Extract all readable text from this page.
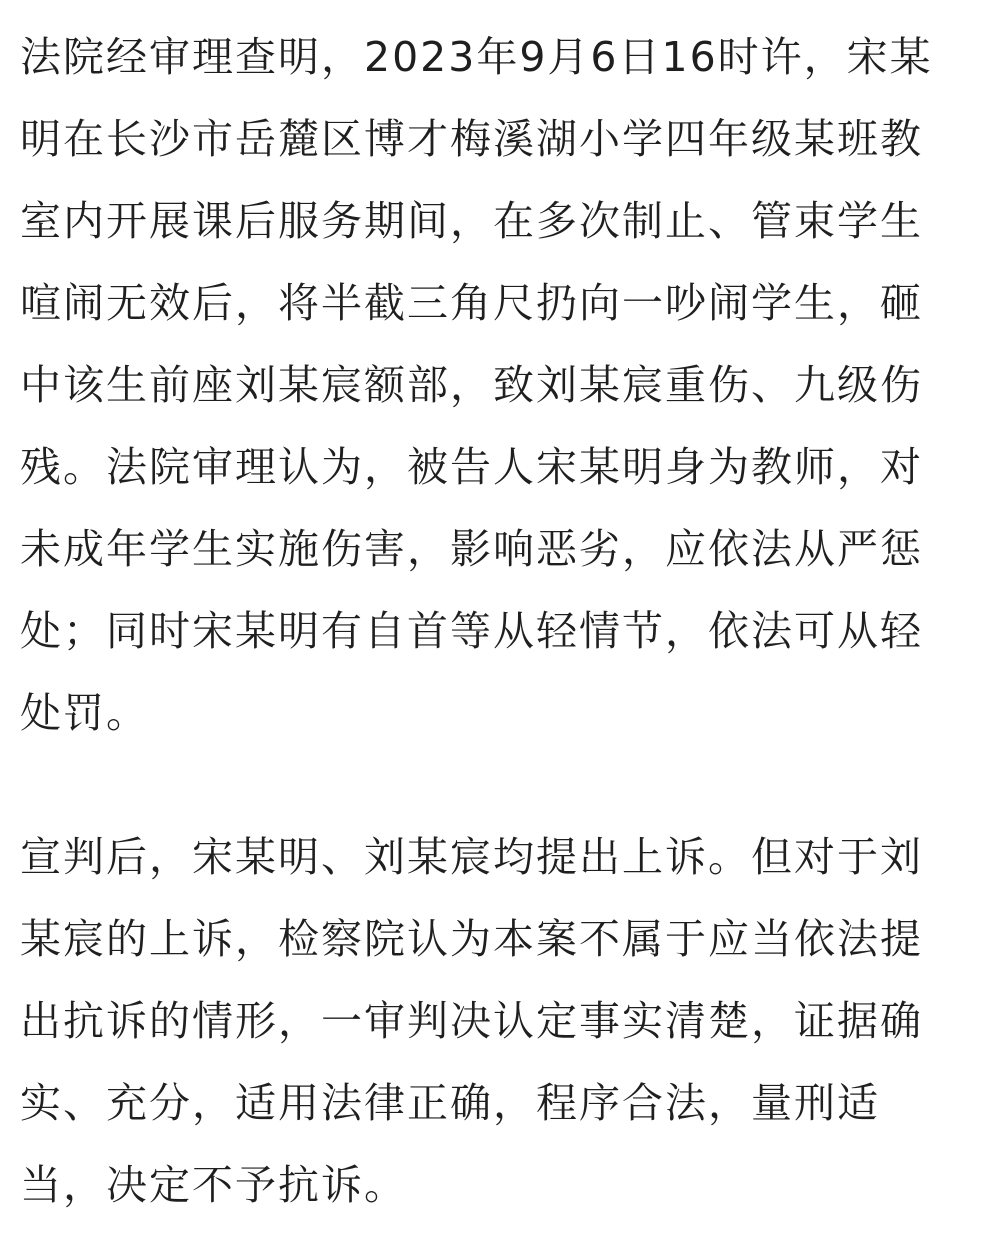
法院经审理查明，2023年9月6日16时许，宋某
明在长沙市岳麓区博才梅溪湖小学四年级某班教
室内开展课后服务期间，在多次制止、管束学生
喧闹无效后，将半截三角尺扔向一吵闹学生，砸
中该生前座刘某宸额部，致刘某宸重伤、九级伤
残。法院审理认为，被告人宋某明身为教师，对
未成年学生实施伤害，影响恶劣，应依法从严惩
处；同时宋某明有自首等从轻情节，依法可从轻
处罚。
宣判后，宋某明、刘某宸均提出上诉。但对于刘
某宸的上诉，检察院认为本案不属于应当依法提
出抗诉的情形，一审判决认定事实清楚，证据确
实、充分，适用法律正确，程序合法，量刑适
当，决定不予抗诉。
